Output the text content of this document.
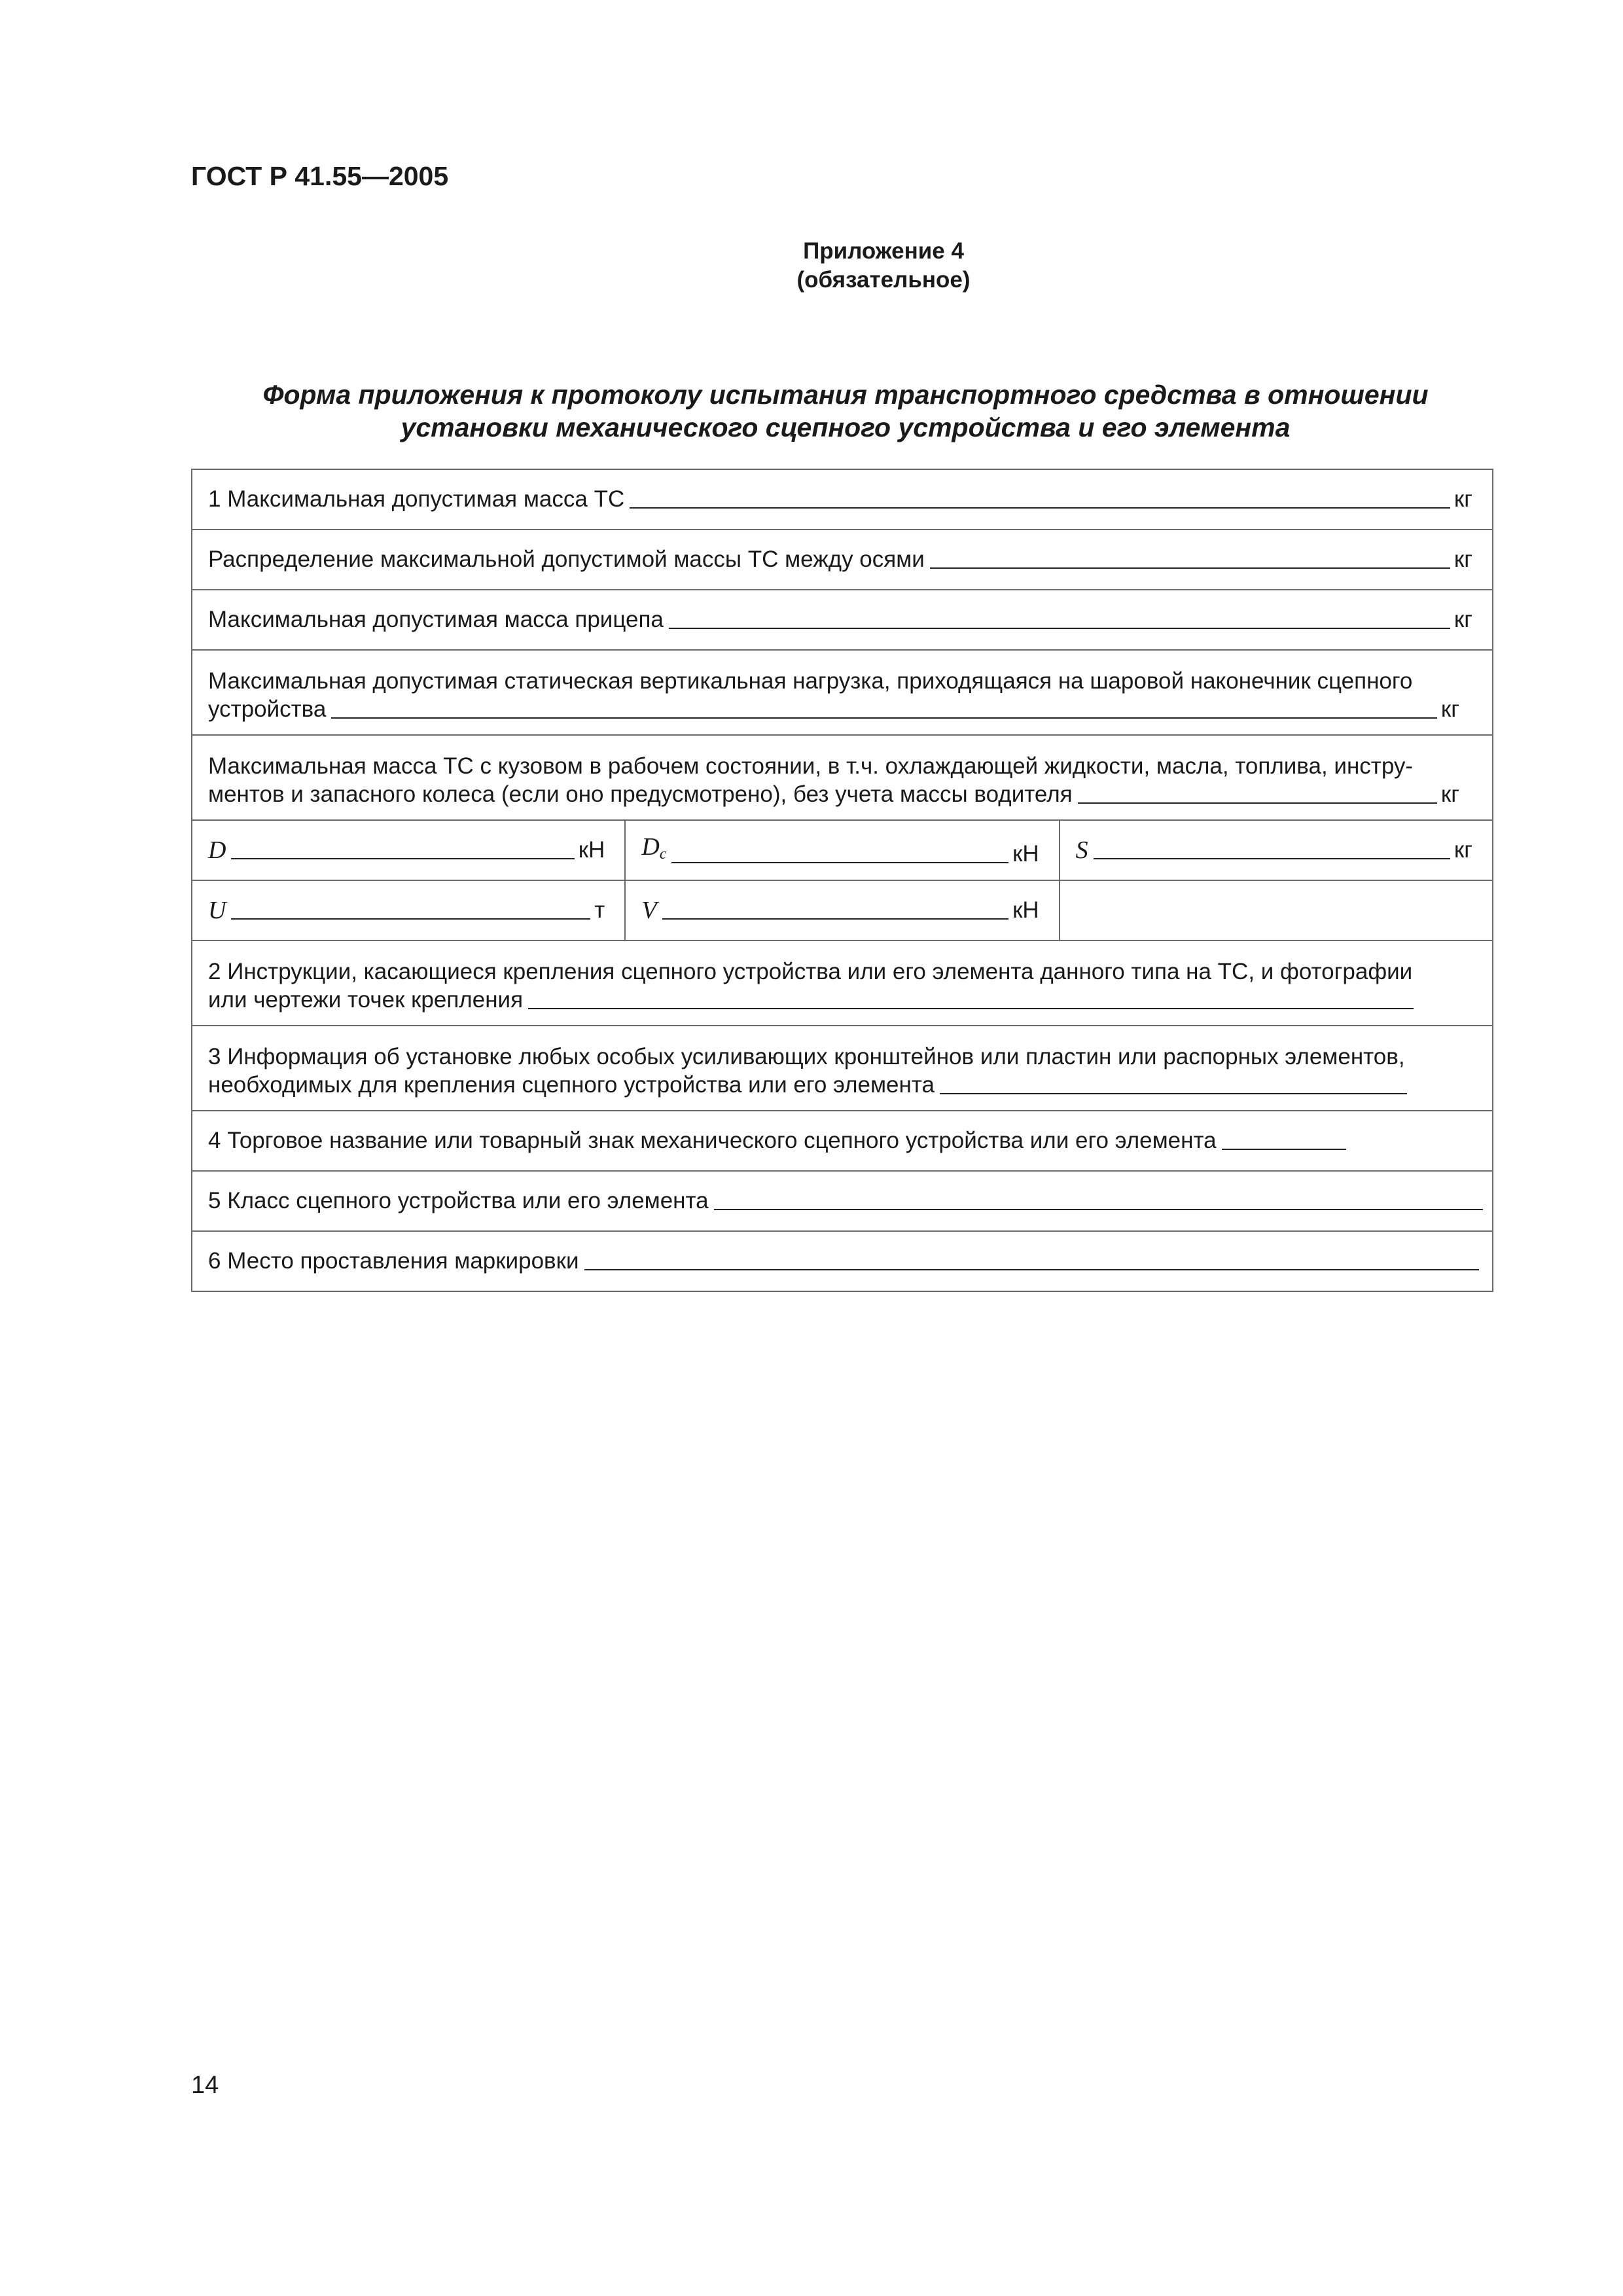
ГОСТ Р 41.55—2005
Приложение 4
(обязательное)
Форма приложения к протоколу испытания транспортного средства в отношении
установки механического сцепного устройства и его элемента
1 Максимальная допустимая масса ТС кг		

Распределение максимальной допустимой массы ТС между осями кг		

Максимальная допустимая масса прицепа кг		

Максимальная допустимая статическая вертикальная нагрузка, приходящаяся на шаровой наконечник сцепного
устройства кг		

Максимальная масса ТС с кузовом в рабочем состоянии, в т.ч. охлаждающей жидкости, масла, топлива, инстру-
ментов и запасного колеса (если оно предусмотрено), без учета массы водителя кг		

D кН	$D_c$ кН	S кг

U т	V кН	

2 Инструкции, касающиеся крепления сцепного устройства или его элемента данного типа на ТС, и фотографии
или чертежи точек крепления		

3 Информация об установке любых особых усиливающих кронштейнов или пластин или распорных элементов,
необходимых для крепления сцепного устройства или его элемента		

4 Торговое название или товарный знак механического сцепного устройства или его элемента		

5 Класс сцепного устройства или его элемента		

6 Место проставления маркировки		
14
